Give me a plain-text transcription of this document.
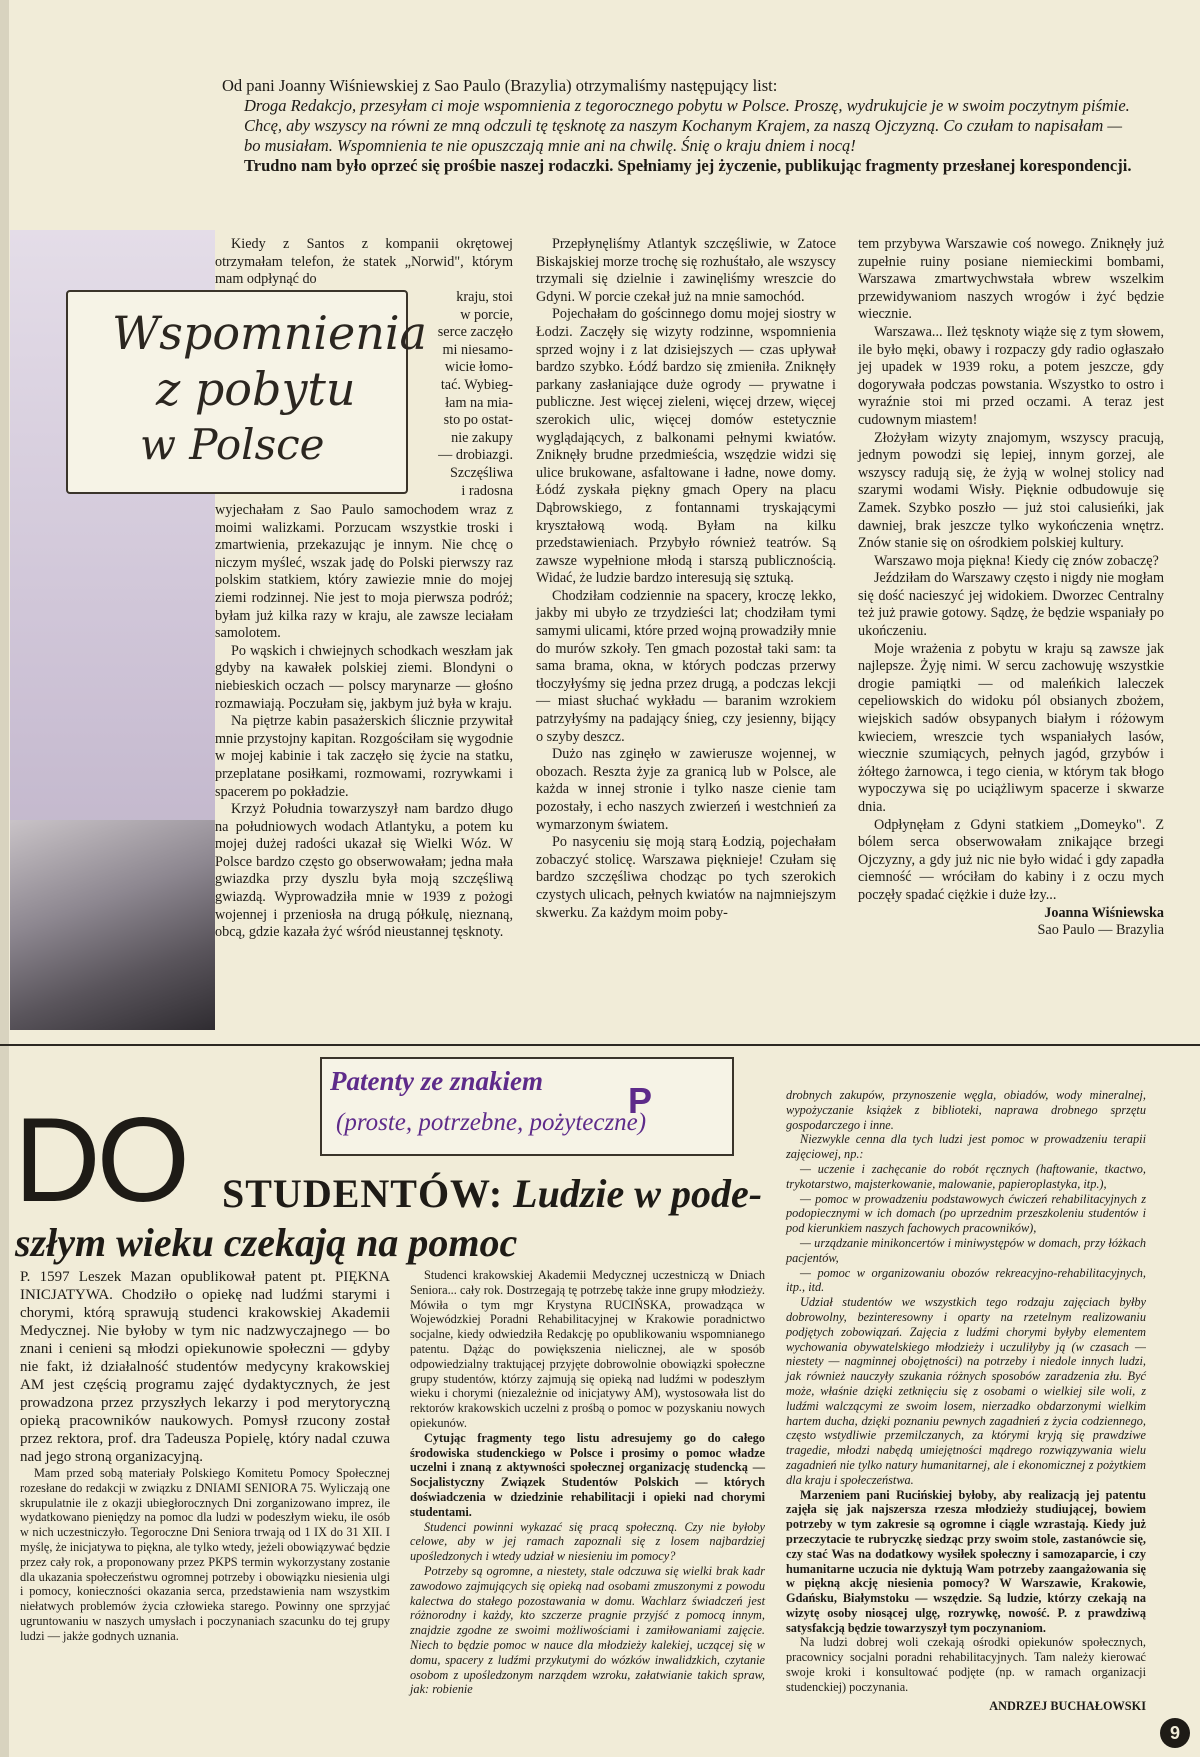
Od pani Joanny Wiśniewskiej z Sao Paulo (Brazylia) otrzymaliśmy następujący list:

Droga Redakcjo, przesyłam ci moje wspomnienia z tegorocznego pobytu w Polsce. Proszę, wydrukujcie je w swoim poczytnym piśmie. Chcę, aby wszyscy na równi ze mną odczuli tę tęsknotę za naszym Kochanym Krajem, za naszą Ojczyzną. Co czułam to napisałam — bo musiałam. Wspomnienia te nie opuszczają mnie ani na chwilę. Śnię o kraju dniem i nocą!

Trudno nam było oprzeć się prośbie naszej rodaczki. Spełniamy jej życzenie, publikując fragmenty przesłanej korespondencji.

Wspomnienia
z pobytu
w Polsce

Kiedy z Santos z kompanii okrętowej otrzymałam telefon, że statek „Norwid", którym mam odpłynąć do

kraju, stoi

w porcie,

serce zaczęło

mi niesamo-

wicie łomo-

tać. Wybieg-

łam na mia-

sto po ostat-

nie zakupy

— drobiazgi.

Szczęśliwa

i radosna

wyjechałam z Sao Paulo samochodem wraz z moimi walizkami. Porzucam wszystkie troski i zmartwienia, przekazując je innym. Nie chcę o niczym myśleć, wszak jadę do Polski pierwszy raz polskim statkiem, który zawiezie mnie do mojej ziemi rodzinnej. Nie jest to moja pierwsza podróż; byłam już kilka razy w kraju, ale zawsze leciałam samolotem.

Po wąskich i chwiejnych schodkach weszłam jak gdyby na kawałek polskiej ziemi. Blondyni o niebieskich oczach — polscy marynarze — głośno rozmawiają. Poczułam się, jakbym już była w kraju.

Na piętrze kabin pasażerskich ślicznie przywitał mnie przystojny kapitan. Rozgościłam się wygodnie w mojej kabinie i tak zaczęło się życie na statku, przeplatane posiłkami, rozmowami, rozrywkami i spacerem po pokładzie.

Krzyż Południa towarzyszył nam bardzo długo na południowych wodach Atlantyku, a potem ku mojej dużej radości ukazał się Wielki Wóz. W Polsce bardzo często go obserwowałam; jedna mała gwiazdka przy dyszlu była moją szczęśliwą gwiazdą. Wyprowadziła mnie w 1939 z pożogi wojennej i przeniosła na drugą półkulę, nieznaną, obcą, gdzie kazała żyć wśród nieustannej tęsknoty.

Przepłynęliśmy Atlantyk szczęśliwie, w Zatoce Biskajskiej morze trochę się rozhuśtało, ale wszyscy trzymali się dzielnie i zawinęliśmy wreszcie do Gdyni. W porcie czekał już na mnie samochód.

Pojechałam do gościnnego domu mojej siostry w Łodzi. Zaczęły się wizyty rodzinne, wspomnienia sprzed wojny i z lat dzisiejszych — czas upływał bardzo szybko. Łódź bardzo się zmieniła. Zniknęły parkany zasłaniające duże ogrody — prywatne i publiczne. Jest więcej zieleni, więcej drzew, więcej szerokich ulic, więcej domów estetycznie wyglądających, z balkonami pełnymi kwiatów. Zniknęły brudne przedmieścia, wszędzie widzi się ulice brukowane, asfaltowane i ładne, nowe domy. Łódź zyskała piękny gmach Opery na placu Dąbrowskiego, z fontannami tryskającymi kryształową wodą. Byłam na kilku przedstawieniach. Przybyło również teatrów. Są zawsze wypełnione młodą i starszą publicznością. Widać, że ludzie bardzo interesują się sztuką.

Chodziłam codziennie na spacery, kroczę lekko, jakby mi ubyło ze trzydzieści lat; chodziłam tymi samymi ulicami, które przed wojną prowadziły mnie do murów szkoły. Ten gmach pozostał taki sam: ta sama brama, okna, w których podczas przerwy tłoczyłyśmy się jedna przez drugą, a podczas lekcji — miast słuchać wykładu — baranim wzrokiem patrzyłyśmy na padający śnieg, czy jesienny, bijący o szyby deszcz.

Dużo nas zginęło w zawierusze wojennej, w obozach. Reszta żyje za granicą lub w Polsce, ale każda w innej stronie i tylko nasze cienie tam pozostały, i echo naszych zwierzeń i westchnień za wymarzonym światem.

Po nasyceniu się moją starą Łodzią, pojechałam zobaczyć stolicę. Warszawa pięknieje! Czułam się bardzo szczęśliwa chodząc po tych szerokich czystych ulicach, pełnych kwiatów na najmniejszym skwerku. Za każdym moim poby-

tem przybywa Warszawie coś nowego. Zniknęły już zupełnie ruiny posiane niemieckimi bombami, Warszawa zmartwychwstała wbrew wszelkim przewidywaniom naszych wrogów i żyć będzie wiecznie.

Warszawa... Ileż tęsknoty wiąże się z tym słowem, ile było męki, obawy i rozpaczy gdy radio ogłaszało jej upadek w 1939 roku, a potem jeszcze, gdy dogorywała podczas powstania. Wszystko to ostro i wyraźnie stoi mi przed oczami. A teraz jest cudownym miastem!

Złożyłam wizyty znajomym, wszyscy pracują, jednym powodzi się lepiej, innym gorzej, ale wszyscy radują się, że żyją w wolnej stolicy nad szarymi wodami Wisły. Pięknie odbudowuje się Zamek. Szybko poszło — już stoi calusieńki, jak dawniej, brak jeszcze tylko wykończenia wnętrz. Znów stanie się on ośrodkiem polskiej kultury.

Warszawo moja piękna! Kiedy cię znów zobaczę?

Jeździłam do Warszawy często i nigdy nie mogłam się dość nacieszyć jej widokiem. Dworzec Centralny też już prawie gotowy. Sądzę, że będzie wspaniały po ukończeniu.

Moje wrażenia z pobytu w kraju są zawsze jak najlepsze. Żyję nimi. W sercu zachowuję wszystkie drogie pamiątki — od maleńkich laleczek cepeliowskich do widoku pól obsianych zbożem, wiejskich sadów obsypanych białym i różowym kwieciem, wreszcie tych wspaniałych lasów, wiecznie szumiących, pełnych jagód, grzybów i żółtego żarnowca, i tego cienia, w którym tak błogo wypoczywa się po uciążliwym spacerze i skwarze dnia.

Odpłynęłam z Gdyni statkiem „Domeyko". Z bólem serca obserwowałam znikające brzegi Ojczyzny, a gdy już nic nie było widać i gdy zapadła ciemność — wróciłam do kabiny i z oczu mych poczęły spadać ciężkie i duże łzy...

Joanna Wiśniewska

Sao Paulo — Brazylia

Patenty ze znakiem P
(proste, potrzebne, pożyteczne)
DO STUDENTÓW: Ludzie w pode-
szłym wieku czekają na pomoc

P. 1597 Leszek Mazan opublikował patent pt. PIĘKNA INICJATYWA. Chodziło o opiekę nad ludźmi starymi i chorymi, którą sprawują studenci krakowskiej Akademii Medycznej. Nie byłoby w tym nic nadzwyczajnego — bo znani i cenieni są młodzi opiekunowie społeczni — gdyby nie fakt, iż działalność studentów medycyny krakowskiej AM jest częścią programu zajęć dydaktycznych, że jest prowadzona przez przyszłych lekarzy i pod merytoryczną opieką pracowników naukowych. Pomysł rzucony został przez rektora, prof. dra Tadeusza Popielę, który nadal czuwa nad jego stroną organizacyjną.

Mam przed sobą materiały Polskiego Komitetu Pomocy Społecznej rozesłane do redakcji w związku z DNIAMI SENIORA 75. Wyliczają one skrupulatnie ile z okazji ubiegłorocznych Dni zorganizowano imprez, ile wydatkowano pieniędzy na pomoc dla ludzi w podeszłym wieku, ile osób w nich uczestniczyło. Tegoroczne Dni Seniora trwają od 1 IX do 31 XII. I myślę, że inicjatywa to piękna, ale tylko wtedy, jeżeli obowiązywać będzie przez cały rok, a proponowany przez PKPS termin wykorzystany zostanie dla ukazania społeczeństwu ogromnej potrzeby i obowiązku niesienia ulgi i pomocy, konieczności okazania serca, przedstawienia nam wszystkim niełatwych problemów życia człowieka starego. Powinny one sprzyjać ugruntowaniu w naszych umysłach i poczynaniach szacunku do tej grupy ludzi — jakże godnych uznania.

Studenci krakowskiej Akademii Medycznej uczestniczą w Dniach Seniora... cały rok. Dostrzegają tę potrzebę także inne grupy młodzieży. Mówiła o tym mgr Krystyna RUCIŃSKA, prowadząca w Wojewódzkiej Poradni Rehabilitacyjnej w Krakowie poradnictwo socjalne, kiedy odwiedziła Redakcję po opublikowaniu wspomnianego patentu. Dążąc do powiększenia nielicznej, ale w sposób odpowiedzialny traktującej przyjęte dobrowolnie obowiązki społeczne grupy studentów, którzy zajmują się opieką nad ludźmi w podeszłym wieku i chorymi (niezależnie od inicjatywy AM), wystosowała list do rektorów krakowskich uczelni z prośbą o pomoc w pozyskaniu nowych opiekunów.

Cytując fragmenty tego listu adresujemy go do całego środowiska studenckiego w Polsce i prosimy o pomoc władze uczelni i znaną z aktywności społecznej organizację studencką — Socjalistyczny Związek Studentów Polskich — których doświadczenia w dziedzinie rehabilitacji i opieki nad chorymi studentami.

Studenci powinni wykazać się pracą społeczną. Czy nie byłoby celowe, aby w jej ramach zapoznali się z losem najbardziej upośledzonych i wtedy udział w niesieniu im pomocy?

Potrzeby są ogromne, a niestety, stale odczuwa się wielki brak kadr zawodowo zajmujących się opieką nad osobami zmuszonymi z powodu kalectwa do stałego pozostawania w domu. Wachlarz świadczeń jest różnorodny i każdy, kto szczerze pragnie przyjść z pomocą innym, znajdzie zgodne ze swoimi możliwościami i zamiłowaniami zajęcie. Niech to będzie pomoc w nauce dla młodzieży kalekiej, uczącej się w domu, spacery z ludźmi przykutymi do wózków inwalidzkich, czytanie osobom z upośledzonym narządem wzroku, załatwianie takich spraw, jak: robienie

drobnych zakupów, przynoszenie węgla, obiadów, wody mineralnej, wypożyczanie książek z biblioteki, naprawa drobnego sprzętu gospodarczego i inne.

Niezwykle cenna dla tych ludzi jest pomoc w prowadzeniu terapii zajęciowej, np.:

— uczenie i zachęcanie do robót ręcznych (haftowanie, tkactwo, trykotarstwo, majsterkowanie, malowanie, papieroplastyka, itp.),

— pomoc w prowadzeniu podstawowych ćwiczeń rehabilitacyjnych z podopiecznymi w ich domach (po uprzednim przeszkoleniu studentów i pod kierunkiem naszych fachowych pracowników),

— urządzanie minikoncertów i miniwystępów w domach, przy łóżkach pacjentów,

— pomoc w organizowaniu obozów rekreacyjno-rehabilitacyjnych, itp., itd.

Udział studentów we wszystkich tego rodzaju zajęciach byłby dobrowolny, bezinteresowny i oparty na rzetelnym realizowaniu podjętych zobowiązań. Zajęcia z ludźmi chorymi byłyby elementem wychowania obywatelskiego młodzieży i uczuliłyby ją (w czasach — niestety — nagminnej obojętności) na potrzeby i niedole innych ludzi, jak również nauczyły szukania różnych sposobów zaradzenia złu. Być może, właśnie dzięki zetknięciu się z osobami o wielkiej sile woli, z ludźmi walczącymi ze swoim losem, nierzadko obdarzonymi wielkim hartem ducha, dzięki poznaniu pewnych zagadnień z życia codziennego, często wstydliwie przemilczanych, za którymi kryją się prawdziwe tragedie, młodzi nabędą umiejętności mądrego rozwiązywania wielu zagadnień nie tylko natury humanitarnej, ale i ekonomicznej z pożytkiem dla kraju i społeczeństwa.

Marzeniem pani Rucińskiej byłoby, aby realizacją jej patentu zajęła się jak najszersza rzesza młodzieży studiującej, bowiem potrzeby w tym zakresie są ogromne i ciągle wzrastają. Kiedy już przeczytacie te rubryczkę siedząc przy swoim stole, zastanówcie się, czy stać Was na dodatkowy wysiłek społeczny i samozaparcie, i czy humanitarne uczucia nie dyktują Wam potrzeby zaangażowania się w piękną akcję niesienia pomocy? W Warszawie, Krakowie, Gdańsku, Białymstoku — wszędzie. Są ludzie, którzy czekają na wizytę osoby niosącej ulgę, rozrywkę, nowość. P. z prawdziwą satysfakcją będzie towarzyszył tym poczynaniom.

Na ludzi dobrej woli czekają ośrodki opiekunów społecznych, pracownicy socjalni poradni rehabilitacyjnych. Tam należy kierować swoje kroki i konsultować podjęte (np. w ramach organizacji studenckiej) poczynania.

ANDRZEJ BUCHAŁOWSKI

9
